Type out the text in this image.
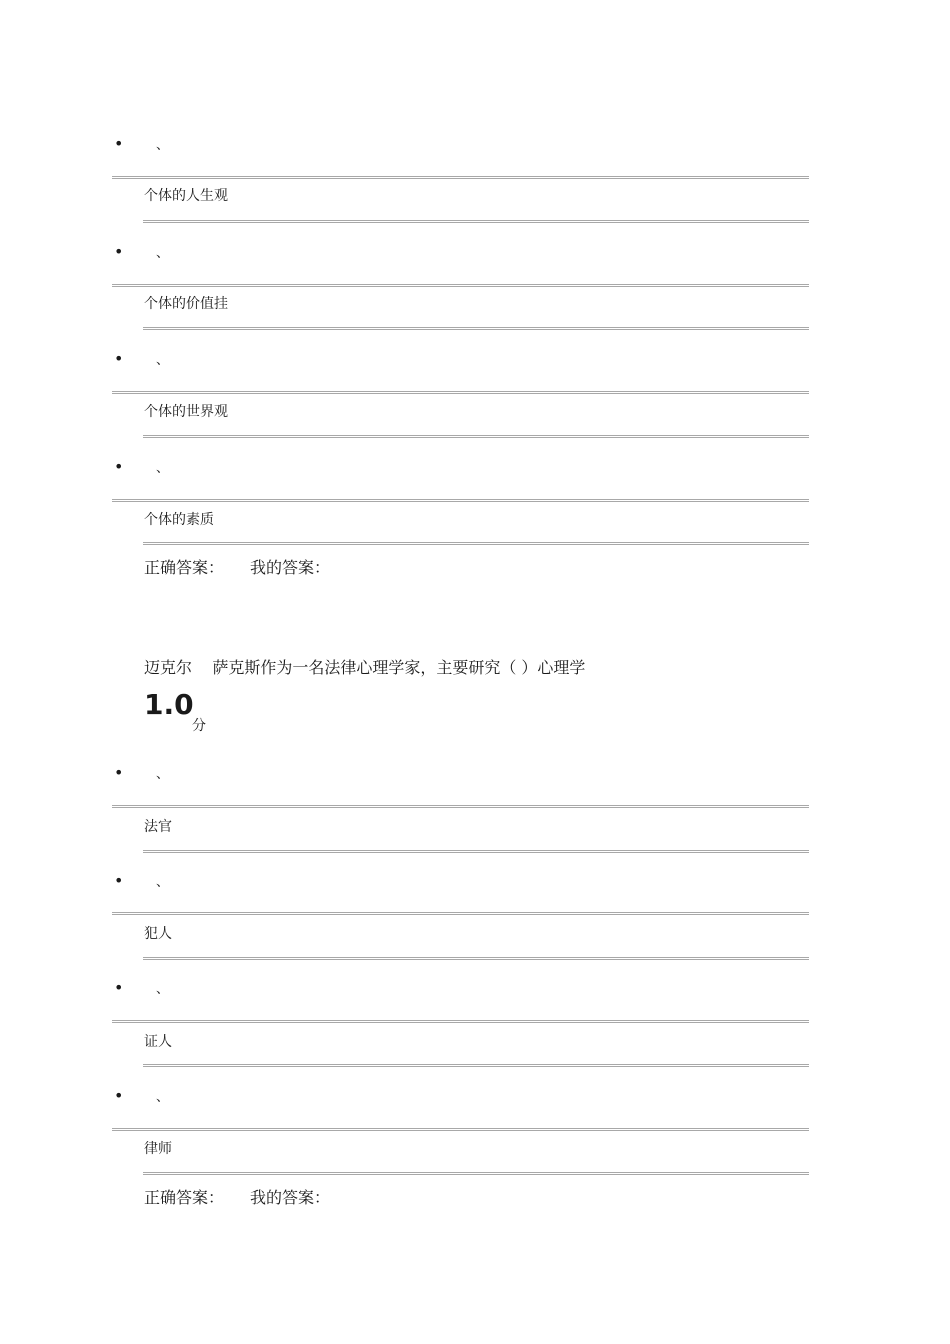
•	、
个体的人生观
•	、
个体的价值挂
•	、
个体的世界观
•	、
个体的素质
正确答案： 我的答案：
迈克尔    萨克斯作为一名法律心理学家，主要研究（ ）心理学
1.0
分
•	、
法官
•	、
犯人
•	、
证人
•	、
律师
正确答案： 我的答案：
